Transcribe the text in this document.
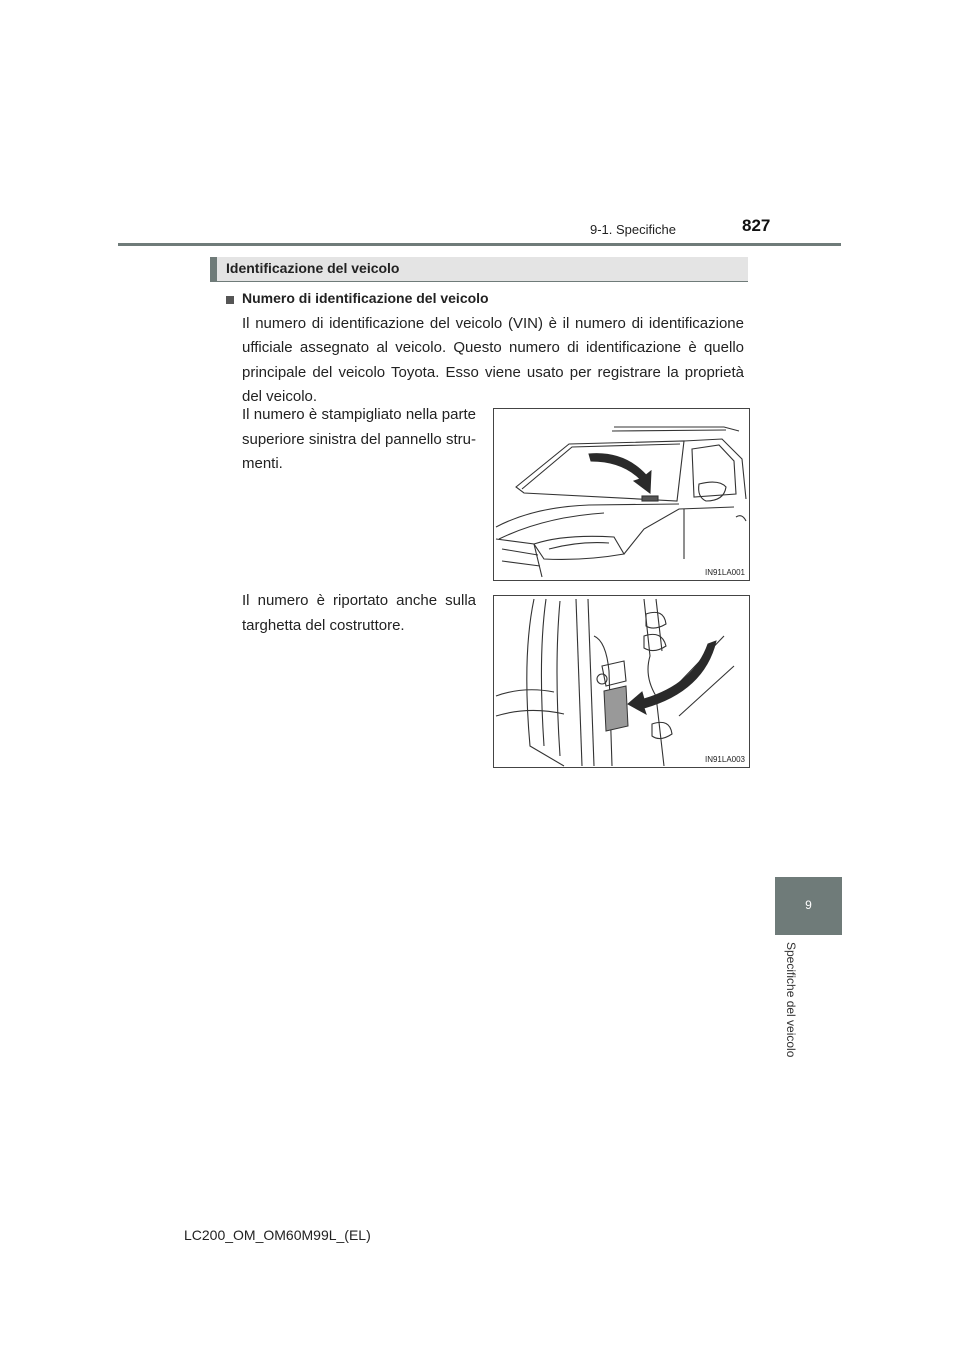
9-1. Specifiche	827
Identificazione del veicolo
Numero di identificazione del veicolo
Il numero di identificazione del veicolo (VIN) è il numero di identificazione ufficiale assegnato al veicolo. Questo numero di identificazione è quello principale del veicolo Toyota. Esso viene usato per registrare la proprietà del veicolo.
Il numero è stampigliato nella parte superiore sinistra del pannello stru-menti.
Il numero è riportato anche sulla targhetta del costruttore.
IN91LA001
IN91LA003
9
Specifiche del veicolo
LC200_OM_OM60M99L_(EL)
